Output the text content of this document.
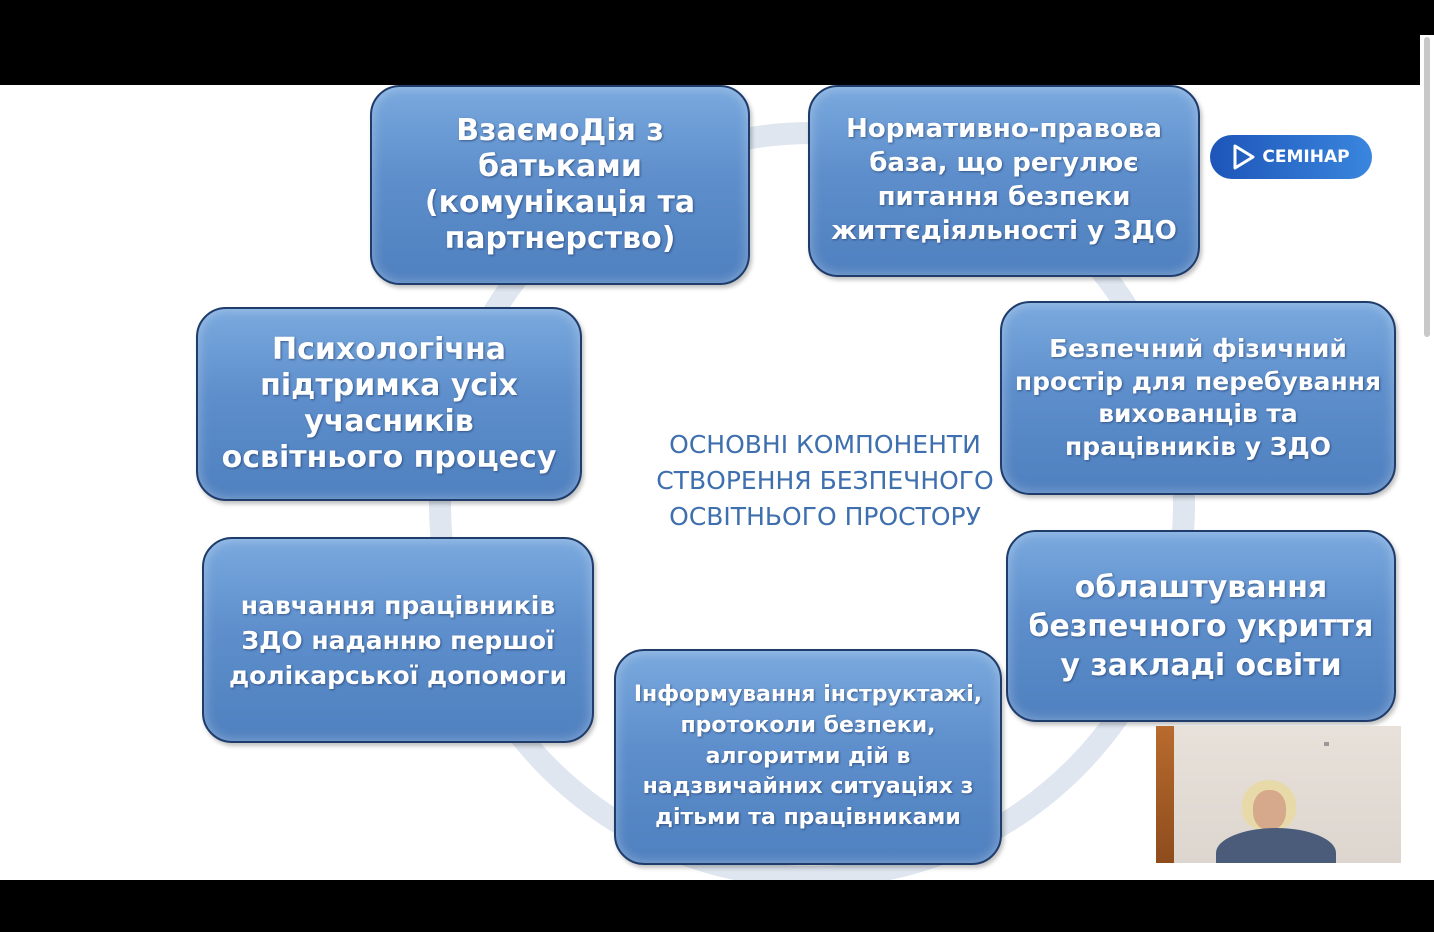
ВзаємоДія з
батьками
(комунікація та
партнерство)
Нормативно-правова
база, що регулює
питання безпеки
життєдіяльності у ЗДО
Безпечний фізичний
простір для перебування
вихованців та
працівників у ЗДО
облаштування
безпечного укриття
у закладі освіти
Інформування інструктажі,
протоколи безпеки,
алгоритми дій в
надзвичайних ситуаціях з
дітьми та працівниками
навчання працівників
ЗДО наданню першої
долікарської допомоги
Психологічна
підтримка усіх
учасників
освітнього процесу	ОСНОВНІ КОМПОНЕНТИ
СТВОРЕННЯ БЕЗПЕЧНОГО
ОСВІТНЬОГО ПРОСТОРУ
СЕМІНАР
